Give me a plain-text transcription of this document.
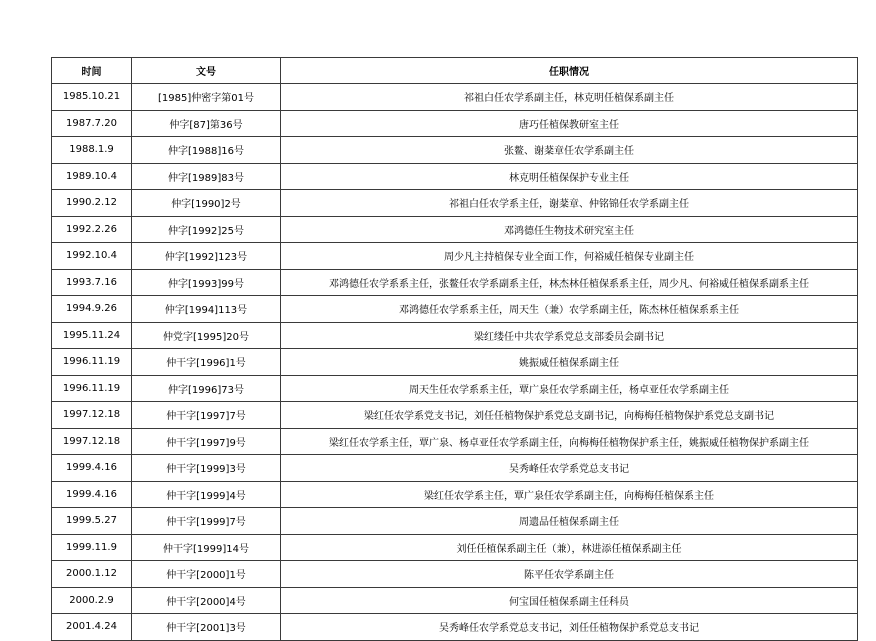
时间	文号	任职情况
1985.10.21	[1985]仲密字第01号	祁祖白任农学系副主任，林克明任植保系副主任
1987.7.20	仲字[87]第36号	唐巧任植保教研室主任
1988.1.9	仲字[1988]16号	张鳌、谢棻章任农学系副主任
1989.10.4	仲字[1989]83号	林克明任植保保护专业主任
1990.2.12	仲字[1990]2号	祁祖白任农学系主任，谢棻章、仲铭锦任农学系副主任
1992.2.26	仲字[1992]25号	邓鸿德任生物技术研究室主任
1992.10.4	仲字[1992]123号	周少凡主持植保专业全面工作，何裕威任植保专业副主任
1993.7.16	仲字[1993]99号	邓鸿德任农学系系主任，张鳌任农学系副系主任，林杰林任植保系系主任，周少凡、何裕威任植保系副系主任
1994.9.26	仲字[1994]113号	邓鸿德任农学系系主任，周天生（兼）农学系副主任，陈杰林任植保系系主任
1995.11.24	仲党字[1995]20号	梁红缕任中共农学系党总支部委员会副书记
1996.11.19	仲干字[1996]1号	姚振威任植保系副主任
1996.11.19	仲字[1996]73号	周天生任农学系系主任，覃广泉任农学系副主任，杨卓亚任农学系副主任
1997.12.18	仲干字[1997]7号	梁红任农学系党支书记，刘任任植物保护系党总支副书记，向梅梅任植物保护系党总支副书记
1997.12.18	仲干字[1997]9号	梁红任农学系主任，覃广泉、杨卓亚任农学系副主任，向梅梅任植物保护系主任，姚振威任植物保护系副主任
1999.4.16	仲干字[1999]3号	吴秀峰任农学系党总支书记
1999.4.16	仲干字[1999]4号	梁红任农学系主任，覃广泉任农学系副主任，向梅梅任植保系主任
1999.5.27	仲干字[1999]7号	周遗品任植保系副主任
1999.11.9	仲干字[1999]14号	刘任任植保系副主任（兼），林进添任植保系副主任
2000.1.12	仲干字[2000]1号	陈平任农学系副主任
2000.2.9	仲干字[2000]4号	何宝国任植保系副主任科员
2001.4.24	仲干字[2001]3号	吴秀峰任农学系党总支书记，刘任任植物保护系党总支书记
